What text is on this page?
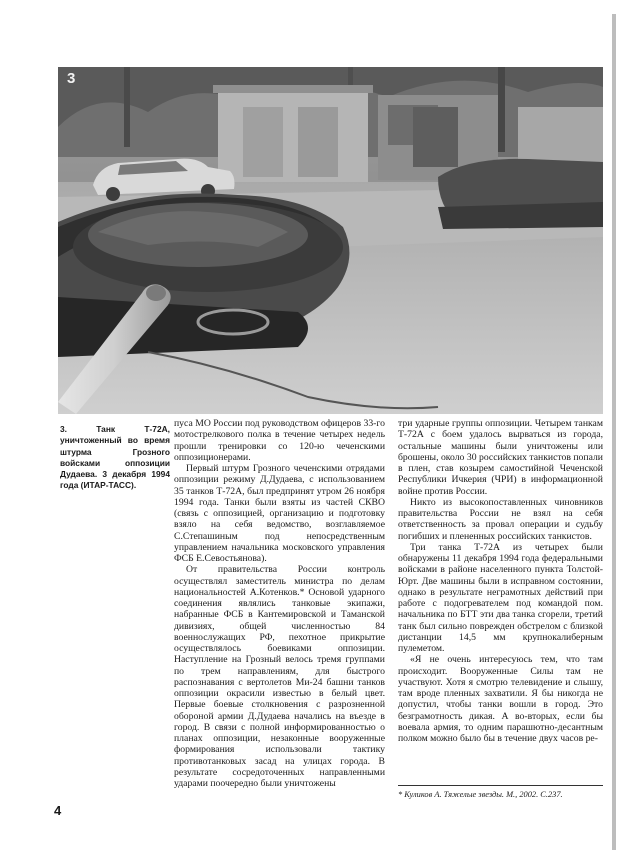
3
3. Танк Т-72А, уничтоженный во время штурма Грозного войсками оппозиции Дудаева. 3 декабря 1994 года (ИТАР-ТАСС).

пуса МО России под руководством офицеров 33-го мотострелкового полка в течение четырех недель прошли тренировки со 120-ю чеченскими оппозиционерами.

Первый штурм Грозного чеченскими отрядами оппозиции режиму Д.Дудаева, с использованием 35 танков Т-72А, был предпринят утром 26 ноября 1994 года. Танки были взяты из частей СКВО (связь с оппозицией, организацию и подготовку взяло на себя ведомство, возглавляемое С.Степашиным под непосредственным управлением начальника московского управления ФСБ Е.Севостьянова).

От правительства России контроль осуществлял заместитель министра по делам национальностей А.Котенков.* Основой ударного соединения являлись танковые экипажи, набранные ФСБ в Кантемировской и Таманской дивизиях, общей численностью 84 военнослужащих РФ, пехотное прикрытие осуществлялось боевиками оппозиции. Наступление на Грозный велось тремя группами по трем направлениям, для быстрого распознавания с вертолетов Ми-24 башни танков оппозиции окрасили известью в белый цвет. Первые боевые столкновения с разрозненной обороной армии Д.Дудаева начались на въезде в город. В связи с полной информированностью о планах оппозиции, незаконные вооруженные формирования использовали тактику противотанковых засад на улицах города. В результате сосредоточенных направленными ударами поочередно были уничтожены

три ударные группы оппозиции. Четырем танкам Т-72А с боем удалось вырваться из города, остальные машины были уничтожены или брошены, около 30 российских танкистов попали в плен, став козырем самостийной Чеченской Республики Ичкерия (ЧРИ) в информационной войне против России.

Никто из высокопоставленных чиновников правительства России не взял на себя ответственность за провал операции и судьбу погибших и плененных российских танкистов.

Три танка Т-72А из четырех были обнаружены 11 декабря 1994 года федеральными войсками в районе населенного пункта Толстой-Юрт. Две машины были в исправном состоянии, однако в результате неграмотных действий при работе с подогревателем под командой пом. начальника по БТТ эти два танка сгорели, третий танк был сильно поврежден обстрелом с близкой дистанции 14,5 мм крупнокалиберным пулеметом.

«Я не очень интересуюсь тем, что там происходит. Вооруженные Силы там не участвуют. Хотя я смотрю телевидение и слышу, там вроде пленных захватили. Я бы никогда не допустил, чтобы танки вошли в город. Это безграмотность дикая. А во-вторых, если бы воевала армия, то одним парашютно-десантным полком можно было бы в течение двух часов ре-

* Куликов А. Тяжелые звезды. М., 2002. С.237.
4
